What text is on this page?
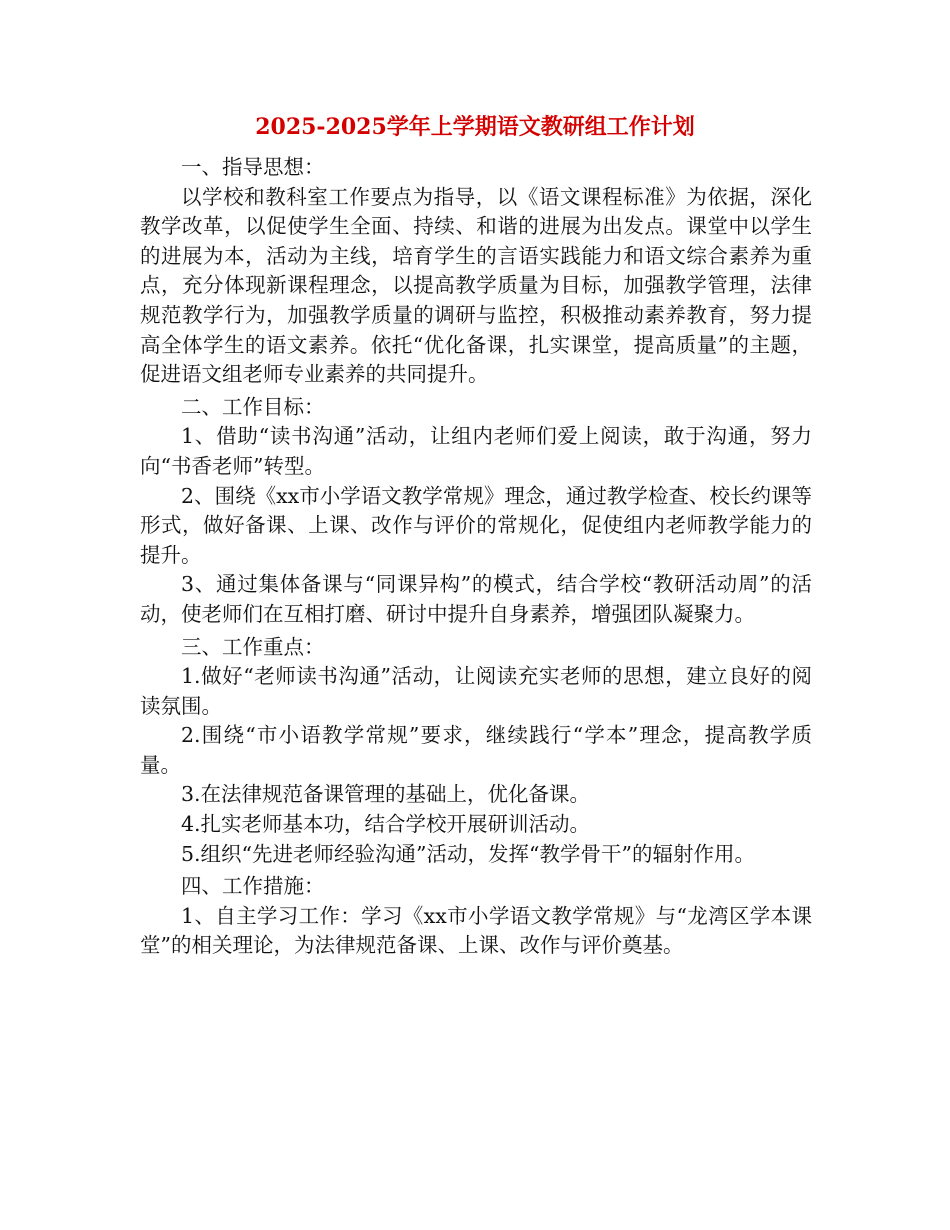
2025-2025学年上学期语文教研组工作计划

一、指导思想：

以学校和教科室工作要点为指导，以《语文课程标准》为依据，深化教学改革，以促使学生全面、持续、和谐的进展为出发点。课堂中以学生的进展为本，活动为主线，培育学生的言语实践能力和语文综合素养为重点，充分体现新课程理念，以提高教学质量为目标，加强教学管理，法律规范教学行为，加强教学质量的调研与监控，积极推动素养教育，努力提高全体学生的语文素养。依托“优化备课，扎实课堂，提高质量”的主题，促进语文组老师专业素养的共同提升。

二、工作目标：

1、借助“读书沟通”活动，让组内老师们爱上阅读，敢于沟通，努力向“书香老师”转型。

2、围绕《xx市小学语文教学常规》理念，通过教学检查、校长约课等形式，做好备课、上课、改作与评价的常规化，促使组内老师教学能力的提升。

3、通过集体备课与“同课异构”的模式，结合学校“教研活动周”的活动，使老师们在互相打磨、研讨中提升自身素养，增强团队凝聚力。

三、工作重点：

1.做好“老师读书沟通”活动，让阅读充实老师的思想，建立良好的阅读氛围。

2.围绕“市小语教学常规”要求，继续践行“学本”理念，提高教学质量。

3.在法律规范备课管理的基础上，优化备课。

4.扎实老师基本功，结合学校开展研训活动。

5.组织“先进老师经验沟通”活动，发挥“教学骨干”的辐射作用。

四、工作措施：

1、自主学习工作：学习《xx市小学语文教学常规》与“龙湾区学本课堂”的相关理论，为法律规范备课、上课、改作与评价奠基。
